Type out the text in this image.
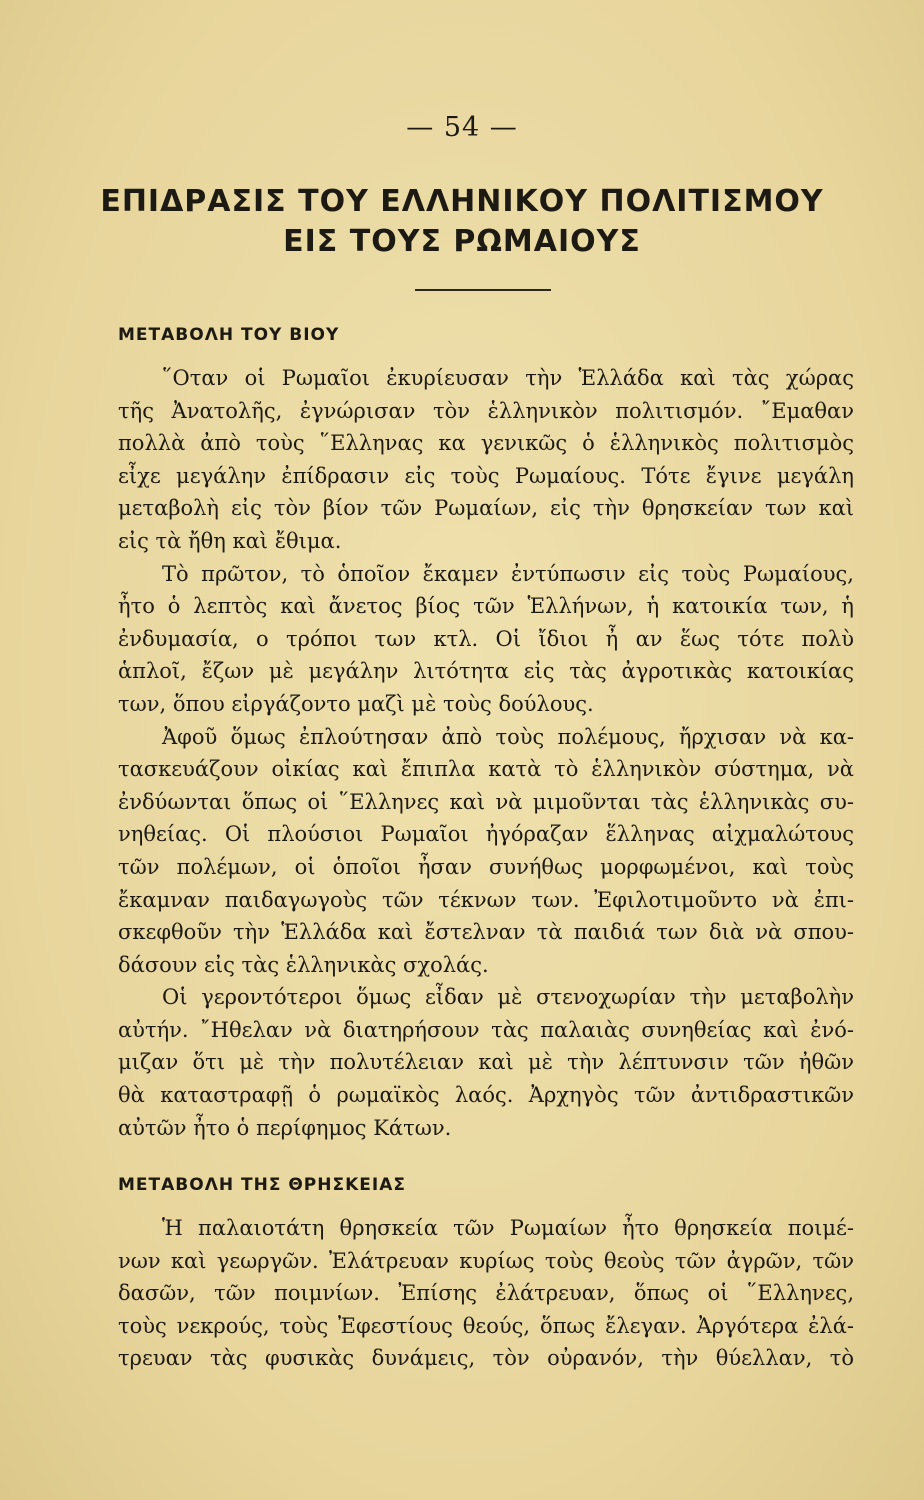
— 54 —
ΕΠΙΔΡΑΣΙΣ ΤΟΥ ΕΛΛΗΝΙΚΟΥ ΠΟΛΙΤΙΣΜΟΥ
ΕΙΣ ΤΟΥΣ ΡΩΜΑΙΟΥΣ
ΜΕΤΑΒΟΛΗ ΤΟΥ ΒΙΟΥ
῞Οταν οἱ Ρωμαῖοι ἐκυρίευσαν τὴν Ἑλλάδα καὶ τὰς χώρας
τῆς Ἀνατολῆς, ἐγνώρισαν τὸν ἑλληνικὸν πολιτισμόν. ῎Εμαθαν
πολλὰ ἀπὸ τοὺς ῞Ελληνας κα γενικῶς ὁ ἑλληνικὸς πολιτισμὸς
εἶχε μεγάλην ἐπίδρασιν εἰς τοὺς Ρωμαίους. Τότε ἔγινε μεγάλη
μεταβολὴ εἰς τὸν βίον τῶν Ρωμαίων, εἰς τὴν θρησκείαν των καὶ
εἰς τὰ ἤθη καὶ ἔθιμα.
Τὸ πρῶτον, τὸ ὁποῖον ἔκαμεν ἐντύπωσιν εἰς τοὺς Ρωμαίους,
ἦτο ὁ λεπτὸς καὶ ἄνετος βίος τῶν Ἑλλήνων, ἡ κατοικία των, ἡ
ἐνδυμασία, ο τρόποι των κτλ. Οἱ ἴδιοι ἦ αν ἕως τότε πολὺ
ἁπλοῖ, ἔζων μὲ μεγάλην λιτότητα εἰς τὰς ἀγροτικὰς κατοικίας
των, ὅπου εἰργάζοντο μαζὶ μὲ τοὺς δούλους.
Ἀφοῦ ὅμως ἐπλούτησαν ἀπὸ τοὺς πολέμους, ἤρχισαν νὰ κα-
τασκευάζουν οἰκίας καὶ ἔπιπλα κατὰ τὸ ἑλληνικὸν σύστημα, νὰ
ἐνδύωνται ὅπως οἱ ῞Ελληνες καὶ νὰ μιμοῦνται τὰς ἑλληνικὰς συ-
νηθείας. Οἱ πλούσιοι Ρωμαῖοι ἠγόραζαν ἕλληνας αἰχμαλώτους
τῶν πολέμων, οἱ ὁποῖοι ἦσαν συνήθως μορφωμένοι, καὶ τοὺς
ἔκαμναν παιδαγωγοὺς τῶν τέκνων των. Ἐφιλοτιμοῦντο νὰ ἐπι-
σκεφθοῦν τὴν Ἑλλάδα καὶ ἔστελναν τὰ παιδιά των διὰ νὰ σπου-
δάσουν εἰς τὰς ἑλληνικὰς σχολάς.
Οἱ γεροντότεροι ὅμως εἶδαν μὲ στενοχωρίαν τὴν μεταβολὴν
αὐτήν. ῎Ηθελαν νὰ διατηρήσουν τὰς παλαιὰς συνηθείας καὶ ἐνό-
μιζαν ὅτι μὲ τὴν πολυτέλειαν καὶ μὲ τὴν λέπτυνσιν τῶν ἠθῶν
θὰ καταστραφῇ ὁ ρωμαϊκὸς λαός. Ἀρχηγὸς τῶν ἀντιδραστικῶν
αὐτῶν ἦτο ὁ περίφημος Κάτων.
ΜΕΤΑΒΟΛΗ ΤΗΣ ΘΡΗΣΚΕΙΑΣ
Ἡ παλαιοτάτη θρησκεία τῶν Ρωμαίων ἦτο θρησκεία ποιμέ-
νων καὶ γεωργῶν. Ἐλάτρευαν κυρίως τοὺς θεοὺς τῶν ἀγρῶν, τῶν
δασῶν, τῶν ποιμνίων. Ἐπίσης ἐλάτρευαν, ὅπως οἱ ῞Ελληνες,
τοὺς νεκρούς, τοὺς Ἐφεστίους θεούς, ὅπως ἔλεγαν. Ἀργότερα ἐλά-
τρευαν τὰς φυσικὰς δυνάμεις, τὸν οὐρανόν, τὴν θύελλαν, τὸ
